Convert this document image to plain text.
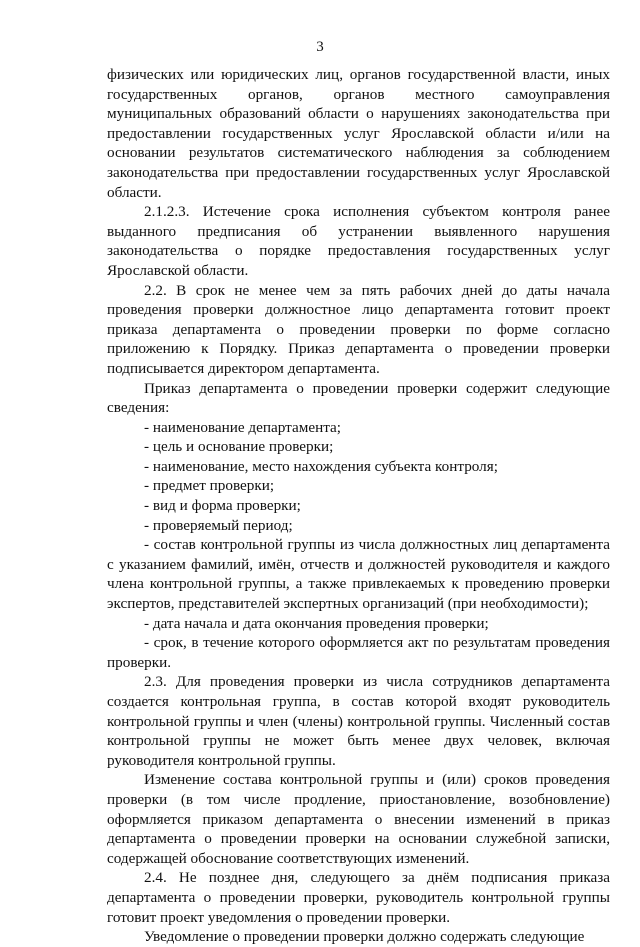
3

физических или юридических лиц, органов государственной власти, иных государственных органов, органов местного самоуправления муниципальных образований области о нарушениях законодательства при предоставлении государственных услуг Ярославской области и/или на основании результатов систематического наблюдения за соблюдением законодательства при предоставлении государственных услуг Ярославской области.

2.1.2.3. Истечение срока исполнения субъектом контроля ранее выданного предписания об устранении выявленного нарушения законодательства о порядке предоставления государственных услуг Ярославской области.

2.2. В срок не менее чем за пять рабочих дней до даты начала проведения проверки должностное лицо департамента готовит проект приказа департамента о проведении проверки по форме согласно приложению к Порядку. Приказ департамента о проведении проверки подписывается директором департамента.

Приказ департамента о проведении проверки содержит следующие сведения:

- наименование департамента;

- цель и основание проверки;

- наименование, место нахождения субъекта контроля;

- предмет проверки;

- вид и форма проверки;

- проверяемый период;

- состав контрольной группы из числа должностных лиц департамента с указанием фамилий, имён, отчеств и должностей руководителя и каждого члена контрольной группы, а также привлекаемых к проведению проверки экспертов, представителей экспертных организаций (при необходимости);

- дата начала и дата окончания проведения проверки;

- срок, в течение которого оформляется акт по результатам проведения проверки.

2.3. Для проведения проверки из числа сотрудников департамента создается контрольная группа, в состав которой входят руководитель контрольной группы и член (члены) контрольной группы. Численный состав контрольной группы не может быть менее двух человек, включая руководителя контрольной группы.

Изменение состава контрольной группы и (или) сроков проведения проверки (в том числе продление, приостановление, возобновление) оформляется приказом департамента о внесении изменений в приказ департамента о проведении проверки на основании служебной записки, содержащей обоснование соответствующих изменений.

2.4. Не позднее дня, следующего за днём подписания приказа департамента о проведении проверки, руководитель контрольной группы готовит проект уведомления о проведении проверки.

Уведомление о проведении проверки должно содержать следующие
